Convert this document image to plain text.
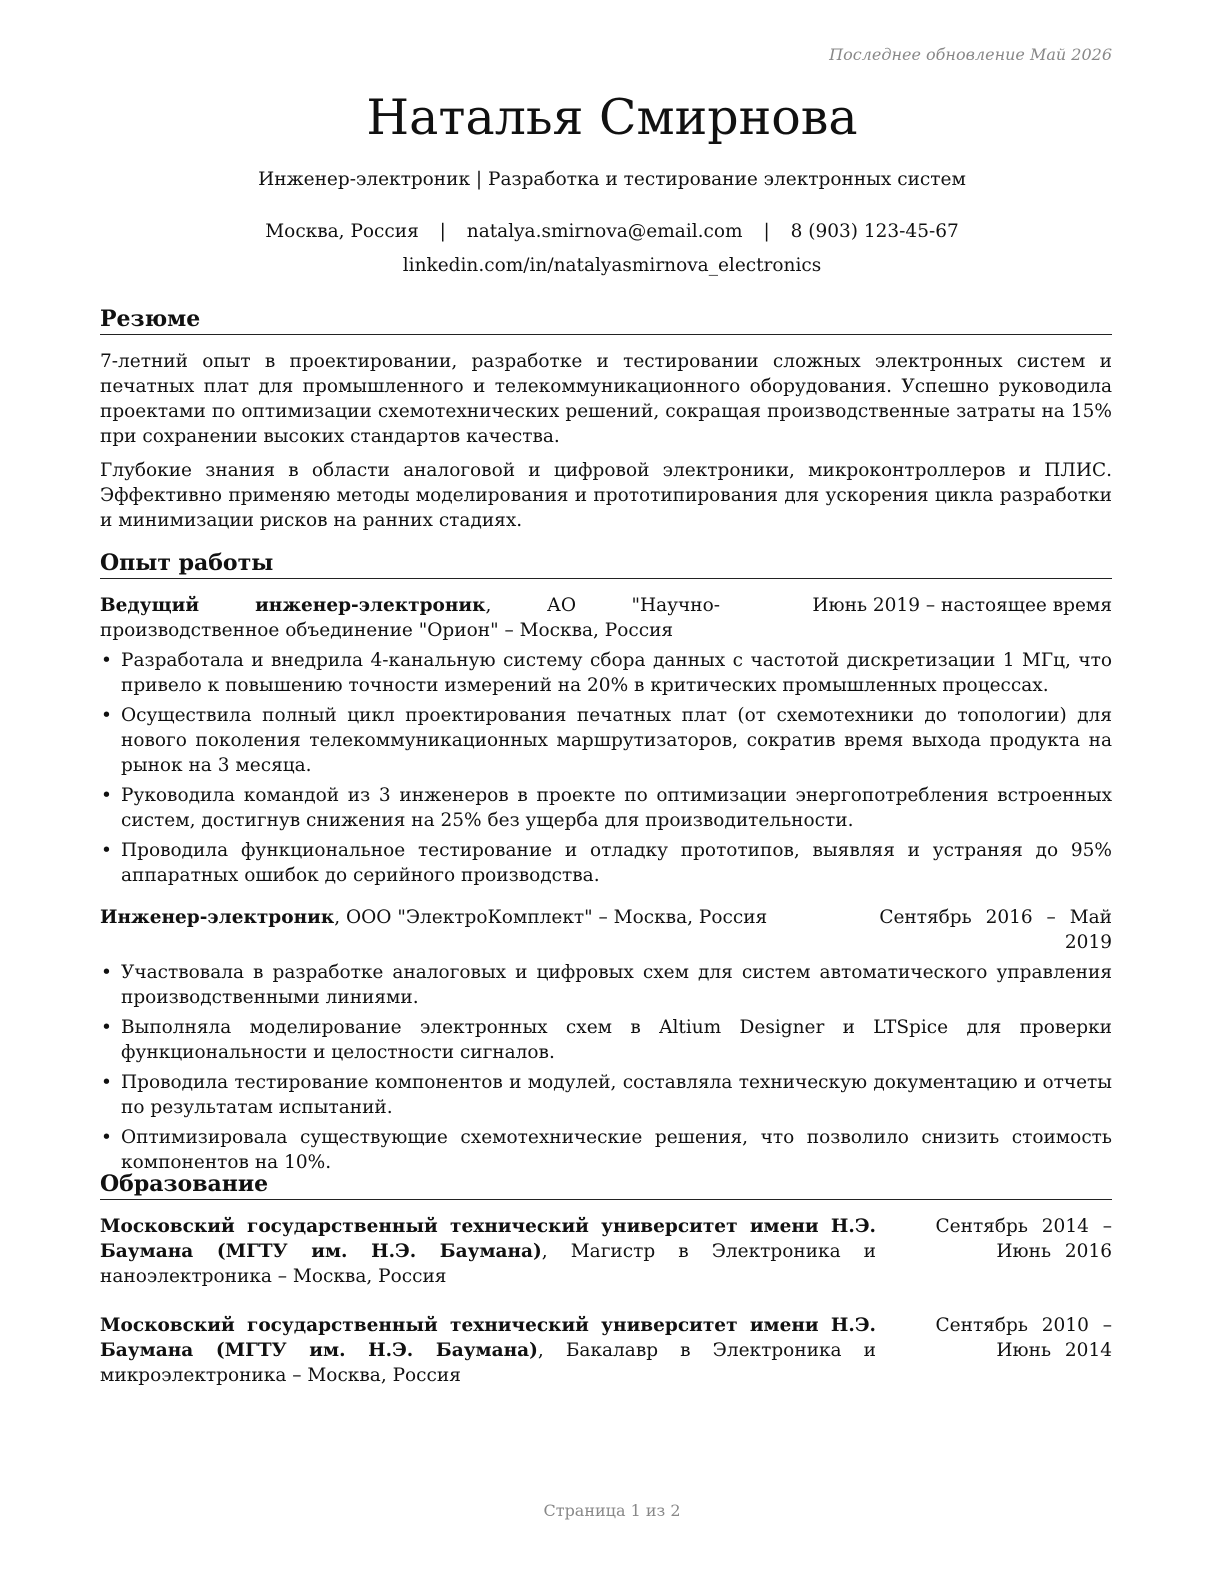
Последнее обновление Май 2026
Наталья Смирнова
Инженер-электроник | Разработка и тестирование электронных систем
Москва, Россия | natalya.smirnova@email.com | 8 (903) 123-45-67
linkedin.com/in/natalyasmirnova_electronics
Резюме

7-летний опыт в проектировании, разработке и тестировании сложных электронных систем и печатных плат для промышленного и телекоммуникационного оборудования. Успешно руководила проектами по оптимизации схемотехнических решений, сокращая производственные затраты на 15% при сохранении высоких стандартов качества.

Глубокие знания в области аналоговой и цифровой электроники, микроконтроллеров и ПЛИС. Эффективно применяю методы моделирования и прототипирования для ускорения цикла разработки и минимизации рисков на ранних стадиях.

Опыт работы
Ведущий инженер-электроник, АО "Научно-производственное объединение "Орион" – Москва, Россия
Июнь 2019 – настоящее время
• Разработала и внедрила 4-канальную систему сбора данных с частотой дискретизации 1 МГц, что привело к повышению точности измерений на 20% в критических промышленных процессах.
• Осуществила полный цикл проектирования печатных плат (от схемотехники до топологии) для нового поколения телекоммуникационных маршрутизаторов, сократив время выхода продукта на рынок на 3 месяца.
• Руководила командой из 3 инженеров в проекте по оптимизации энергопотребления встроенных систем, достигнув снижения на 25% без ущерба для производительности.
• Проводила функциональное тестирование и отладку прототипов, выявляя и устраняя до 95% аппаратных ошибок до серийного производства.
Инженер-электроник, ООО "ЭлектроКомплект" – Москва, Россия	Сентябрь 2016 – Май 2019
• Участвовала в разработке аналоговых и цифровых схем для систем автоматического управления производственными линиями.
• Выполняла моделирование электронных схем в Altium Designer и LTSpice для проверки функциональности и целостности сигналов.
• Проводила тестирование компонентов и модулей, составляла техническую документацию и отчеты по результатам испытаний.
• Оптимизировала существующие схемотехнические решения, что позволило снизить стоимость компонентов на 10%.
Образование
Московский государственный технический университет имени Н.Э. Баумана (МГТУ им. Н.Э. Баумана), Магистр в Электроника и наноэлектроника – Москва, Россия
Сентябрь 2014 – Июнь 2016
Московский государственный технический университет имени Н.Э. Баумана (МГТУ им. Н.Э. Баумана), Бакалавр в Электроника и микроэлектроника – Москва, Россия
Сентябрь 2010 – Июнь 2014
Страница 1 из 2
